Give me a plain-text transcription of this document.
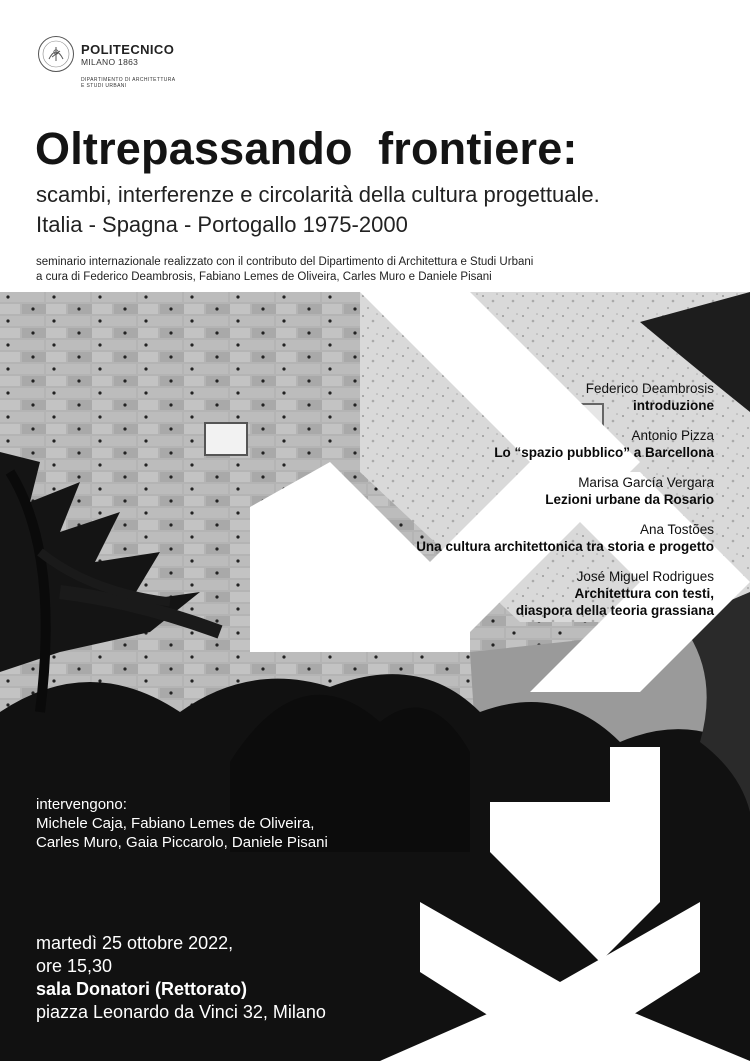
POLITECNICO
MILANO 1863
DIPARTIMENTO DI ARCHITETTURA
E STUDI URBANI
Oltrepassando  frontiere:
scambi, interferenze e circolarità della cultura progettuale.
Italia - Spagna - Portogallo 1975-2000
seminario internazionale realizzato con il contributo del Dipartimento di Architettura e Studi Urbani
a cura di Federico Deambrosis, Fabiano Lemes de Oliveira, Carles Muro e Daniele Pisani
Federico Deambrosis
introduzione
Antonio Pizza
Lo “spazio pubblico” a Barcellona
Marisa García Vergara
Lezioni urbane da Rosario
Ana Tostões
Una cultura architettonica tra storia e progetto
José Miguel Rodrigues
Architettura con testi,
diaspora della teoria grassiana
intervengono:
Michele Caja, Fabiano Lemes de Oliveira,
Carles Muro, Gaia Piccarolo, Daniele Pisani
martedì 25 ottobre 2022,
ore 15,30
sala Donatori (Rettorato)
piazza Leonardo da Vinci 32, Milano
